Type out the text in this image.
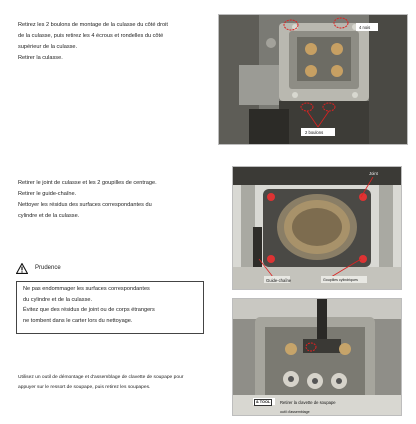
Retirez les 2 boulons de montage de la culasse du côté droit

de la culasse, puis retirez les 4 écrous et rondelles du côté

supérieur de la culasse.

Retirer la culasse.

4 nois
2 boulons

Retirer le joint de culasse et les 2 goupilles de centrage.

Retirer le guide-chaîne.

Nettoyer les résidus des surfaces correspondantes du

cylindre et de la culasse.

Joint
Guide-chaîne	Goupilles cylindriques
Prudence

Ne pas endommager les surfaces correspondantes

du cylindre et de la culasse.

Évitez que des résidus de joint ou de corps étrangers

ne tombent dans le carter lors du nettoyage.

& TOOL	Retirer la clavette de soupape
outil d'assemblage

Utilisez un outil de démontage et d'assemblage de clavette de soupape pour

appuyer sur le ressort de soupape, puis retirez les soupapes.
